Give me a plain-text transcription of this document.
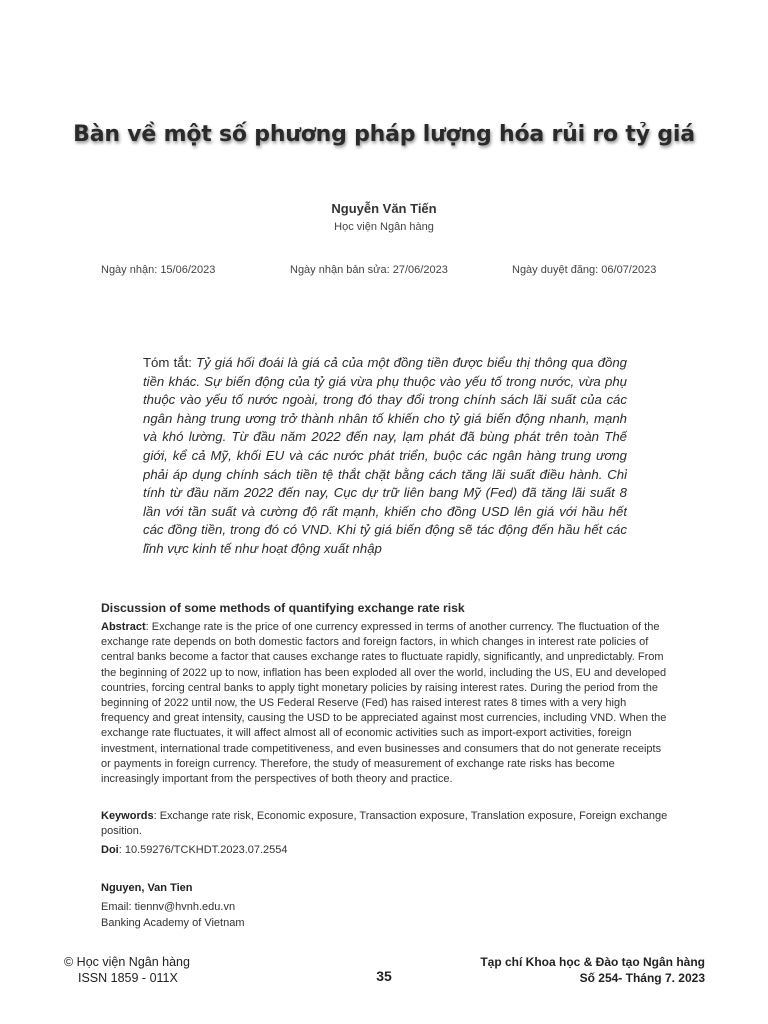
Bàn về một số phương pháp lượng hóa rủi ro tỷ giá
Nguyễn Văn Tiến
Học viện Ngân hàng
Ngày nhận: 15/06/2023	Ngày nhận bản sửa: 27/06/2023	Ngày duyệt đăng: 06/07/2023
Tóm tắt: Tỷ giá hối đoái là giá cả của một đồng tiền được biểu thị thông qua đồng tiền khác. Sự biến động của tỷ giá vừa phụ thuộc vào yếu tố trong nước, vừa phụ thuộc vào yếu tố nước ngoài, trong đó thay đổi trong chính sách lãi suất của các ngân hàng trung ương trở thành nhân tố khiến cho tỷ giá biến động nhanh, mạnh và khó lường. Từ đầu năm 2022 đến nay, lạm phát đã bùng phát trên toàn Thế giới, kể cả Mỹ, khối EU và các nước phát triển, buộc các ngân hàng trung ương phải áp dụng chính sách tiền tệ thắt chặt bằng cách tăng lãi suất điều hành. Chỉ tính từ đầu năm 2022 đến nay, Cục dự trữ liên bang Mỹ (Fed) đã tăng lãi suất 8 lần với tần suất và cường độ rất mạnh, khiến cho đồng USD lên giá với hầu hết các đồng tiền, trong đó có VND. Khi tỷ giá biến động sẽ tác động đến hầu hết các lĩnh vực kinh tế như hoạt động xuất nhập
Discussion of some methods of quantifying exchange rate risk
Abstract: Exchange rate is the price of one currency expressed in terms of another currency. The fluctuation of the exchange rate depends on both domestic factors and foreign factors, in which changes in interest rate policies of central banks become a factor that causes exchange rates to fluctuate rapidly, significantly, and unpredictably. From the beginning of 2022 up to now, inflation has been exploded all over the world, including the US, EU and developed countries, forcing central banks to apply tight monetary policies by raising interest rates. During the period from the beginning of 2022 until now, the US Federal Reserve (Fed) has raised interest rates 8 times with a very high frequency and great intensity, causing the USD to be appreciated against most currencies, including VND. When the exchange rate fluctuates, it will affect almost all of economic activities such as import-export activities, foreign investment, international trade competitiveness, and even businesses and consumers that do not generate receipts or payments in foreign currency. Therefore, the study of measurement of exchange rate risks has become increasingly important from the perspectives of both theory and practice.
Keywords: Exchange rate risk, Economic exposure, Transaction exposure, Translation exposure, Foreign exchange position.
Doi: 10.59276/TCKHDT.2023.07.2554
Nguyen, Van Tien
Email: tiennv@hvnh.edu.vn
Banking Academy of Vietnam
© Học viện Ngân hàng
ISSN 1859 - 011X	35
Tạp chí Khoa học & Đào tạo Ngân hàng
Số 254- Tháng 7. 2023
